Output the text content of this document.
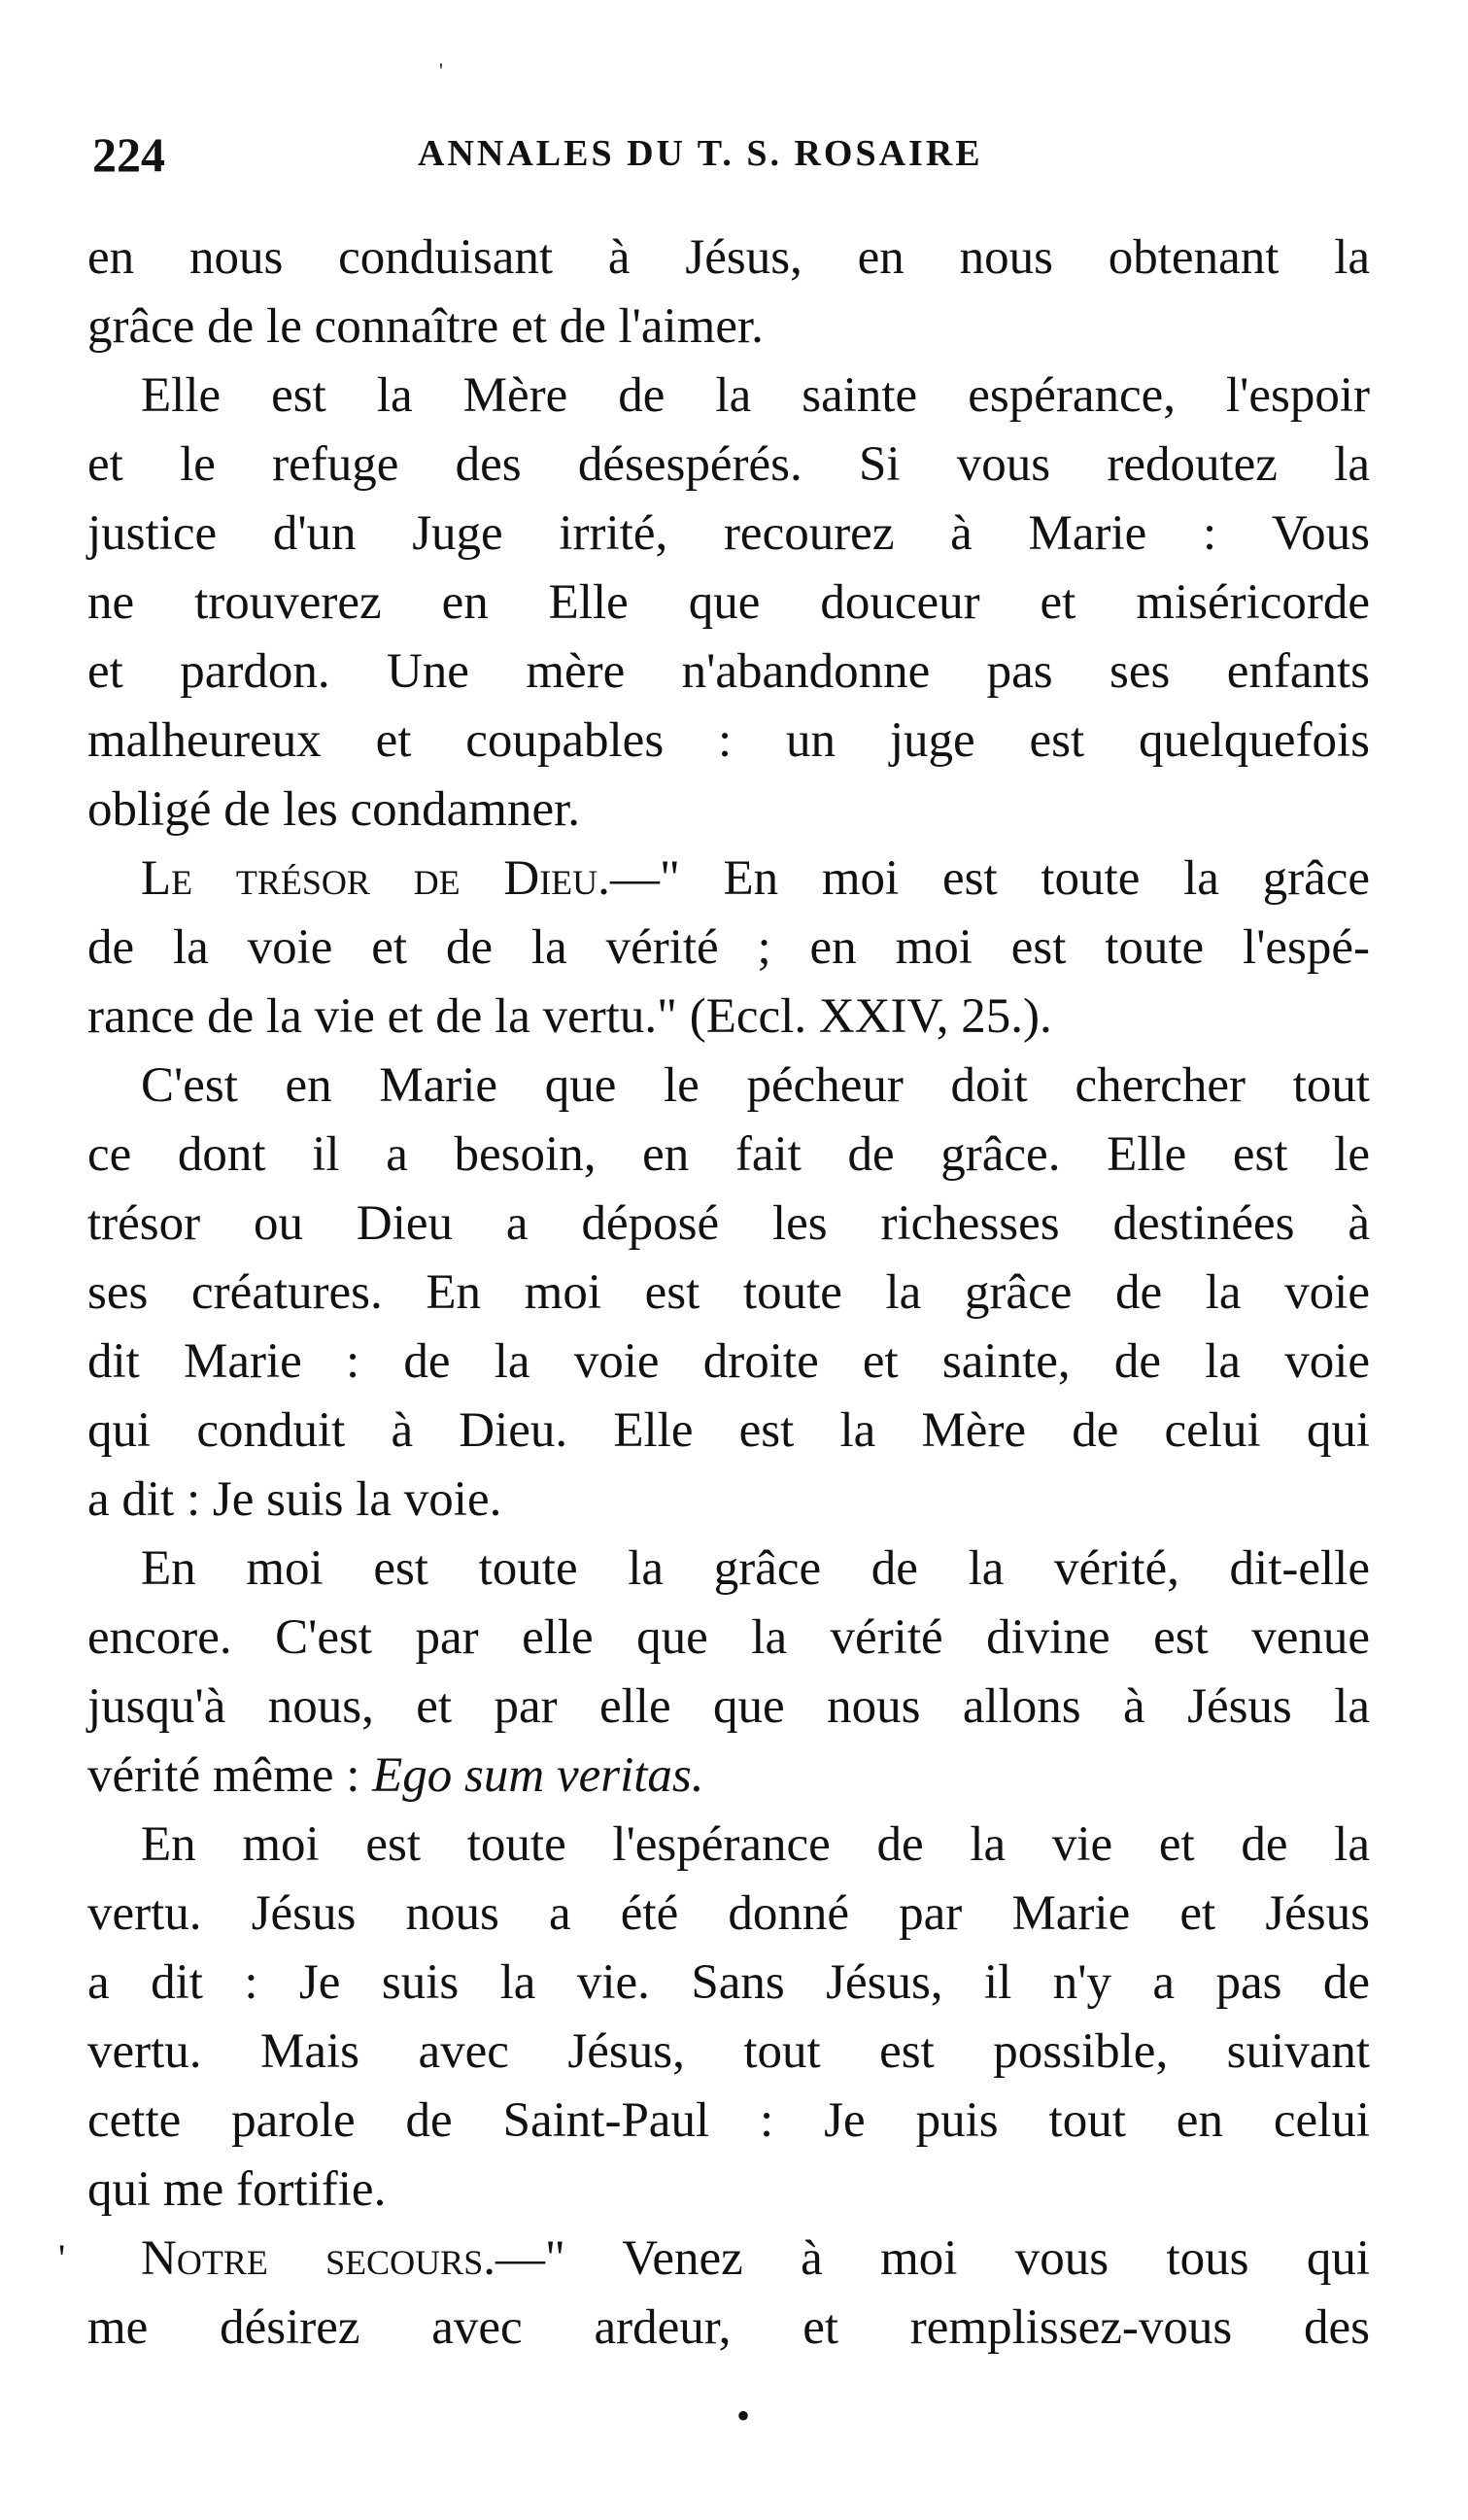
'
224	ANNALES DU T. S. ROSAIRE
en nous conduisant à Jésus, en nous obtenant la
grâce de le connaître et de l'aimer.
Elle est la Mère de la sainte espérance, l'espoir
et le refuge des désespérés. Si vous redoutez la
justice d'un Juge irrité, recourez à Marie : Vous
ne trouverez en Elle que douceur et miséricorde
et pardon. Une mère n'abandonne pas ses enfants
malheureux et coupables : un juge est quelquefois
obligé de les condamner.
Le trésor de Dieu.—" En moi est toute la grâce
de la voie et de la vérité ; en moi est toute l'espé-
rance de la vie et de la vertu." (Eccl. XXIV, 25.).
C'est en Marie que le pécheur doit chercher tout
ce dont il a besoin, en fait de grâce. Elle est le
trésor ou Dieu a déposé les richesses destinées à
ses créatures. En moi est toute la grâce de la voie
dit Marie : de la voie droite et sainte, de la voie
qui conduit à Dieu. Elle est la Mère de celui qui
a dit : Je suis la voie.
En moi est toute la grâce de la vérité, dit-elle
encore. C'est par elle que la vérité divine est venue
jusqu'à nous, et par elle que nous allons à Jésus la
vérité même : Ego sum veritas.
En moi est toute l'espérance de la vie et de la
vertu. Jésus nous a été donné par Marie et Jésus
a dit : Je suis la vie. Sans Jésus, il n'y a pas de
vertu. Mais avec Jésus, tout est possible, suivant
cette parole de Saint-Paul : Je puis tout en celui
qui me fortifie.
Notre secours.—" Venez à moi vous tous qui
me désirez avec ardeur, et remplissez-vous des
'
•
